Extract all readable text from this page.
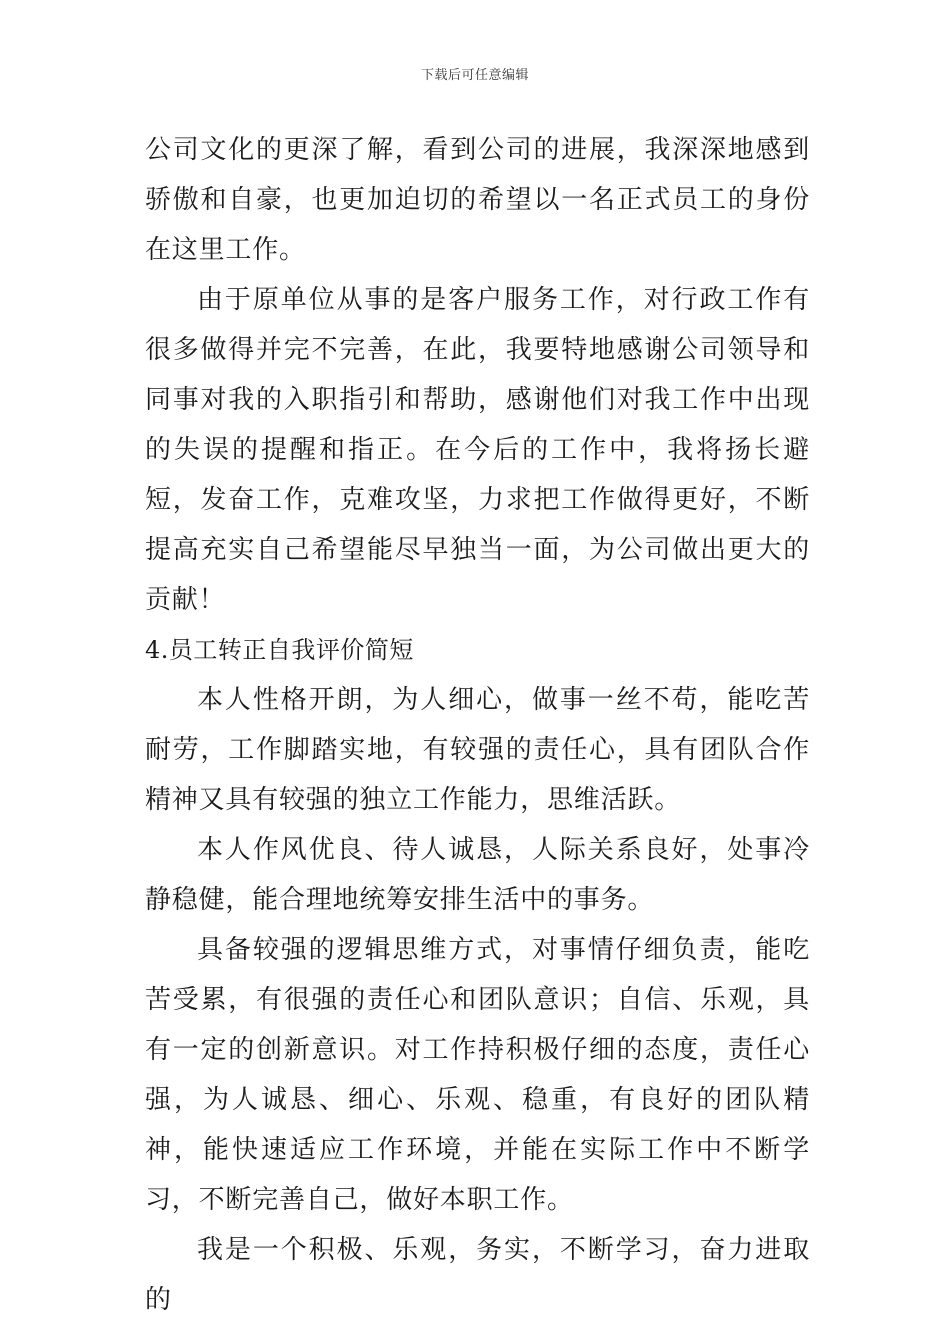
下载后可任意编辑

公司文化的更深了解，看到公司的进展，我深深地感到骄傲和自豪，也更加迫切的希望以一名正式员工的身份在这里工作。

由于原单位从事的是客户服务工作，对行政工作有很多做得并完不完善，在此，我要特地感谢公司领导和同事对我的入职指引和帮助，感谢他们对我工作中出现的失误的提醒和指正。在今后的工作中，我将扬长避短，发奋工作，克难攻坚，力求把工作做得更好，不断提高充实自己希望能尽早独当一面，为公司做出更大的贡献！

4.员工转正自我评价简短

本人性格开朗，为人细心，做事一丝不苟，能吃苦耐劳，工作脚踏实地，有较强的责任心，具有团队合作精神又具有较强的独立工作能力，思维活跃。

本人作风优良、待人诚恳，人际关系良好，处事冷静稳健，能合理地统筹安排生活中的事务。

具备较强的逻辑思维方式，对事情仔细负责，能吃苦受累，有很强的责任心和团队意识；自信、乐观，具有一定的创新意识。对工作持积极仔细的态度，责任心强，为人诚恳、细心、乐观、稳重，有良好的团队精神，能快速适应工作环境，并能在实际工作中不断学习，不断完善自己，做好本职工作。

我是一个积极、乐观，务实，不断学习，奋力进取的
